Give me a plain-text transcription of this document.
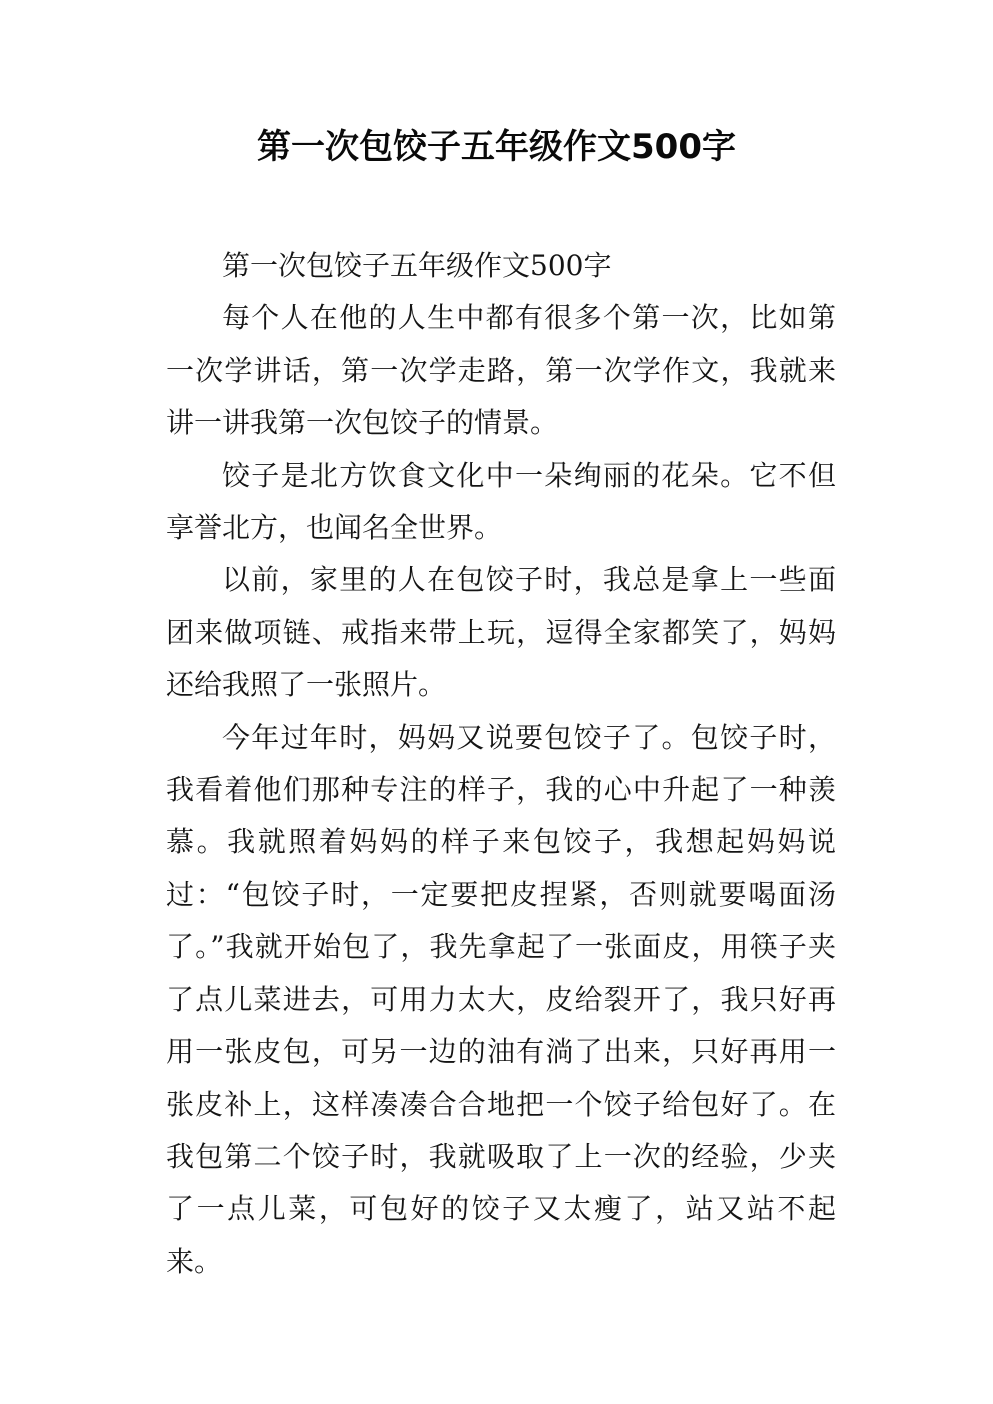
第一次包饺子五年级作文500字

第一次包饺子五年级作文500字

每个人在他的人生中都有很多个第一次，比如第一次学讲话，第一次学走路，第一次学作文，我就来讲一讲我第一次包饺子的情景。

饺子是北方饮食文化中一朵绚丽的花朵。它不但享誉北方，也闻名全世界。

以前，家里的人在包饺子时，我总是拿上一些面团来做项链、戒指来带上玩，逗得全家都笑了，妈妈还给我照了一张照片。

今年过年时，妈妈又说要包饺子了。包饺子时，我看着他们那种专注的样子，我的心中升起了一种羡慕。我就照着妈妈的样子来包饺子，我想起妈妈说过：“包饺子时，一定要把皮捏紧，否则就要喝面汤了。”我就开始包了，我先拿起了一张面皮，用筷子夹了点儿菜进去，可用力太大，皮给裂开了，我只好再用一张皮包，可另一边的油有淌了出来，只好再用一张皮补上，这样凑凑合合地把一个饺子给包好了。在我包第二个饺子时，我就吸取了上一次的经验，少夹了一点儿菜，可包好的饺子又太瘦了，站又站不起来。
